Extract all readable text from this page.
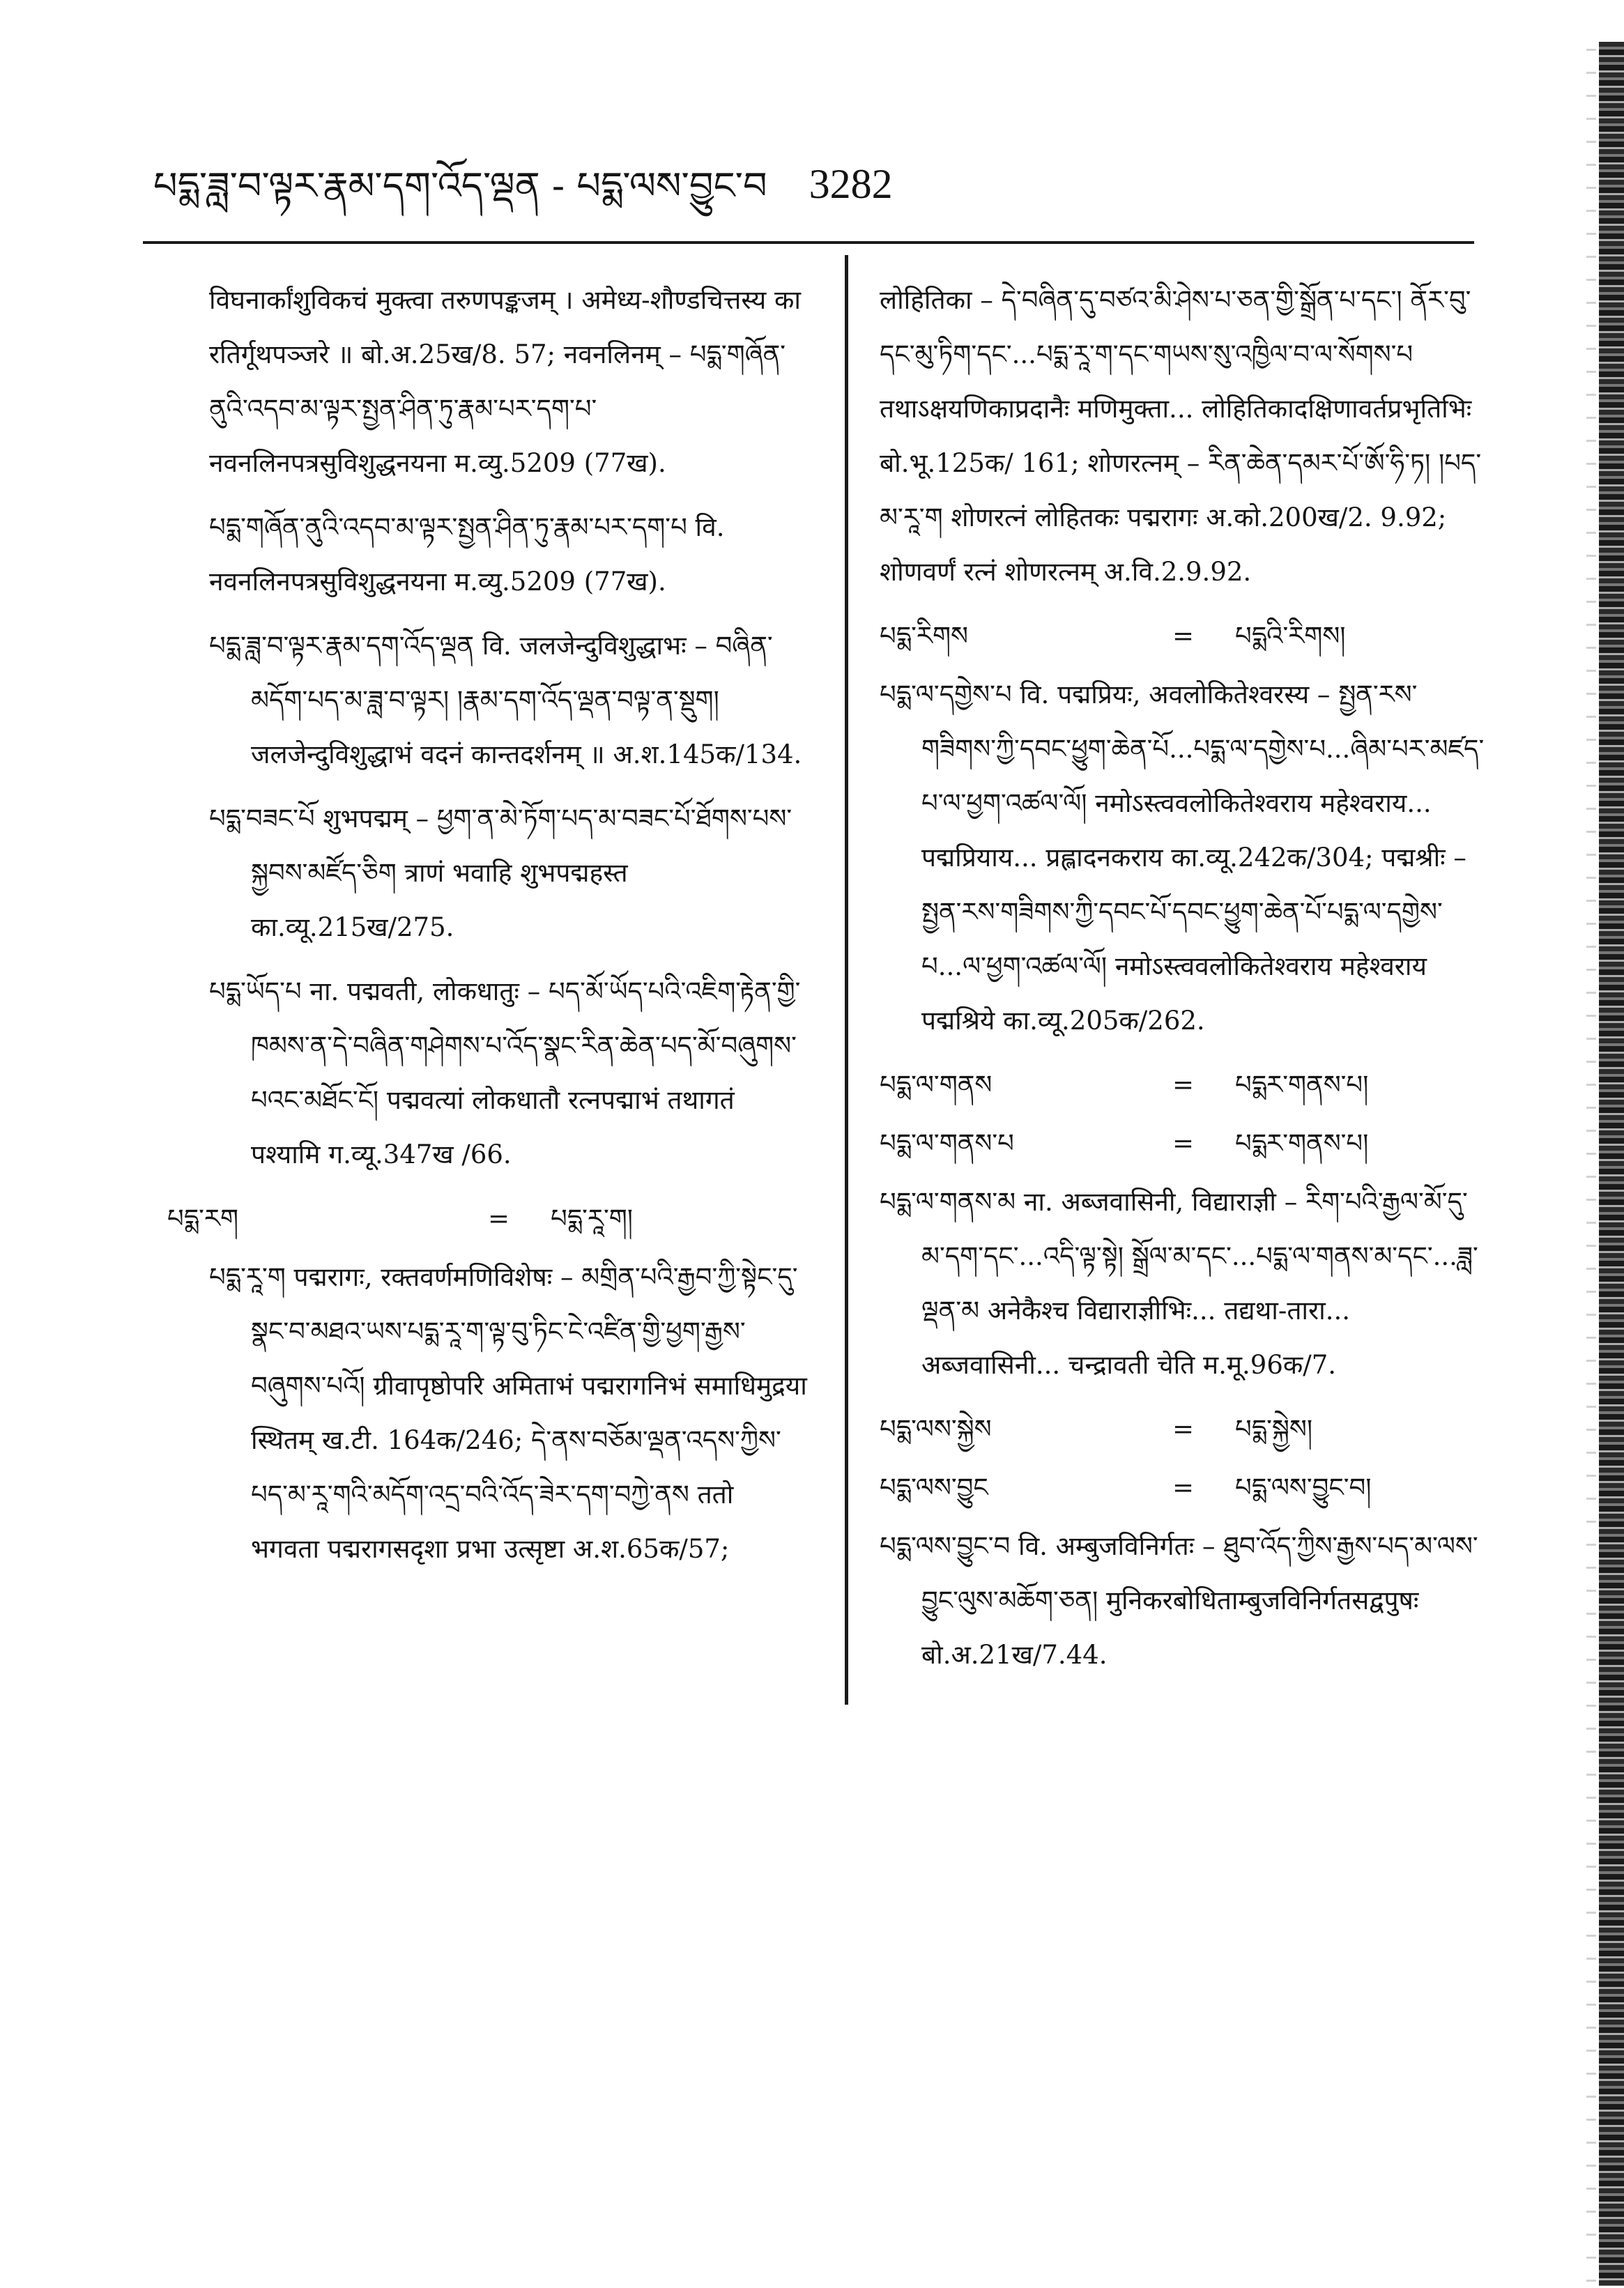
པདྨ་ཟླ་བ་ལྟར་རྣམ་དག་འོད་ལྡན - པདྨ་ལས་བྱུང་བ 3282

विघनार्कांशुविकचं मुक्त्वा तरुणपङ्कजम् । अमेध्य-शौण्डचित्तस्य का रतिर्गूथपञ्जरे ॥ बो.अ.25ख/8. 57; नवनलिनम् – པདྨ་གཞོན་ནུའི་འདབ་མ་ལྟར་སྤྱན་ཤིན་ཏུ་རྣམ་པར་དག་པ་ नवनलिनपत्रसुविशुद्धनयना म.व्यु.5209 (77ख).

པདྨ་གཞོན་ནུའི་འདབ་མ་ལྟར་སྤྱན་ཤིན་ཏུ་རྣམ་པར་དག་པ वि. नवनलिनपत्रसुविशुद्धनयना म.व्यु.5209 (77ख).

པདྨ་ཟླ་བ་ལྟར་རྣམ་དག་འོད་ལྡན वि. जलजेन्दुविशुद्धाभः – བཞིན་མདོག་པད་མ་ཟླ་བ་ལྟར། །རྣམ་དག་འོད་ལྡན་བལྟ་ན་སྡུག། जलजेन्दुविशुद्धाभं वदनं कान्तदर्शनम् ॥ अ.श.145क/134.

པདྨ་བཟང་པོ शुभपद्मम् – ཕྱག་ན་མེ་ཏོག་པད་མ་བཟང་པོ་ཐོགས་པས་སྐྱབས་མཛོད་ཅིག त्राणं भवाहि शुभपद्महस्त का.व्यू.215ख/275.

པདྨ་ཡོད་པ ना. पद्मवती, लोकधातुः – པད་མོ་ཡོད་པའི་འཇིག་རྟེན་གྱི་ཁམས་ན་དེ་བཞིན་གཤེགས་པ་འོད་སྣང་རིན་ཆེན་པད་མོ་བཞུགས་པའང་མཐོང་ངོ། पद्मवत्यां लोकधातौ रत्नपद्माभं तथागतं पश्यामि ग.व्यू.347ख /66.

པདྨ་རག	=	པདྨ་རཱ་ག།

པདྨ་རཱ་ག पद्मरागः, रक्तवर्णमणिविशेषः – མགྲིན་པའི་རྒྱབ་ཀྱི་སྟེང་དུ་སྣང་བ་མཐའ་ཡས་པདྨ་རཱ་ག་ལྟ་བུ་ཏིང་ངེ་འཛིན་གྱི་ཕྱག་རྒྱས་བཞུགས་པའོ། ग्रीवापृष्ठोपरि अमिताभं पद्मरागनिभं समाधिमुद्रया स्थितम् ख.टी. 164क/246; དེ་ནས་བཅོམ་ལྡན་འདས་ཀྱིས་པད་མ་རཱ་གའི་མདོག་འདྲ་བའི་འོད་ཟེར་དག་བཀྱེ་ནས ततो भगवता पद्मरागसदृशा प्रभा उत्सृष्टा अ.श.65क/57;

लोहितिका – དེ་བཞིན་དུ་བཙའ་མི་ཤེས་པ་ཅན་གྱི་སྒྲོན་པ་དང་། ནོར་བུ་དང་མུ་ཏིག་དང་...པདྨ་རཱ་ག་དང་གཡས་སུ་འཁྱིལ་བ་ལ་སོགས་པ तथाऽक्षयणिकाप्रदानैः मणिमुक्ता... लोहितिकादक्षिणावर्तप्रभृतिभिः बो.भू.125क/ 161; शोणरत्नम् – རིན་ཆེན་དམར་པོ་ཨོ་ཧི་ཏ། །པད་མ་རཱ་ག शोणरत्नं लोहितकः पद्मरागः अ.को.200ख/2. 9.92; शोणवर्णं रत्नं शोणरत्नम् अ.वि.2.9.92.

པདྨ་རིགས	=	པདྨའི་རིགས།

པདྨ་ལ་དགྱེས་པ वि. पद्मप्रियः, अवलोकितेश्वरस्य – སྤྱན་རས་གཟིགས་ཀྱི་དབང་ཕྱུག་ཆེན་པོ...པདྨ་ལ་དགྱེས་པ...ཞིམ་པར་མཛད་པ་ལ་ཕྱག་འཚལ་ལོ། नमोऽस्त्ववलोकितेश्वराय महेश्वराय... पद्मप्रियाय... प्रह्लादनकराय का.व्यू.242क/304; पद्मश्रीः – སྤྱན་རས་གཟིགས་ཀྱི་དབང་པོ་དབང་ཕྱུག་ཆེན་པོ་པདྨ་ལ་དགྱེས་པ...ལ་ཕྱག་འཚལ་ལོ། नमोऽस्त्ववलोकितेश्वराय महेश्वराय पद्मश्रिये का.व्यू.205क/262.

པདྨ་ལ་གནས	=	པདྨར་གནས་པ།
པདྨ་ལ་གནས་པ	=	པདྨར་གནས་པ།

པདྨ་ལ་གནས་མ ना. अब्जवासिनी, विद्याराज्ञी – རིག་པའི་རྒྱལ་མོ་དུ་མ་དག་དང་...འདི་ལྟ་སྟེ། སྒྲོལ་མ་དང་...པདྨ་ལ་གནས་མ་དང་...ཟླ་ལྡན་མ अनेकैश्च विद्याराज्ञीभिः... तद्यथा-तारा... अब्जवासिनी... चन्द्रावती चेति म.मू.96क/7.

པདྨ་ལས་སྐྱེས	=	པདྨ་སྐྱེས།
པདྨ་ལས་བྱུང	=	པདྨ་ལས་བྱུང་བ།

པདྨ་ལས་བྱུང་བ वि. अम्बुजविनिर्गतः – ཐུབ་འོད་ཀྱིས་རྒྱས་པད་མ་ལས་བྱུང་ལུས་མཆོག་ཅན། मुनिकरबोधिताम्बुजविनिर्गतसद्वपुषः बो.अ.21ख/7.44.
